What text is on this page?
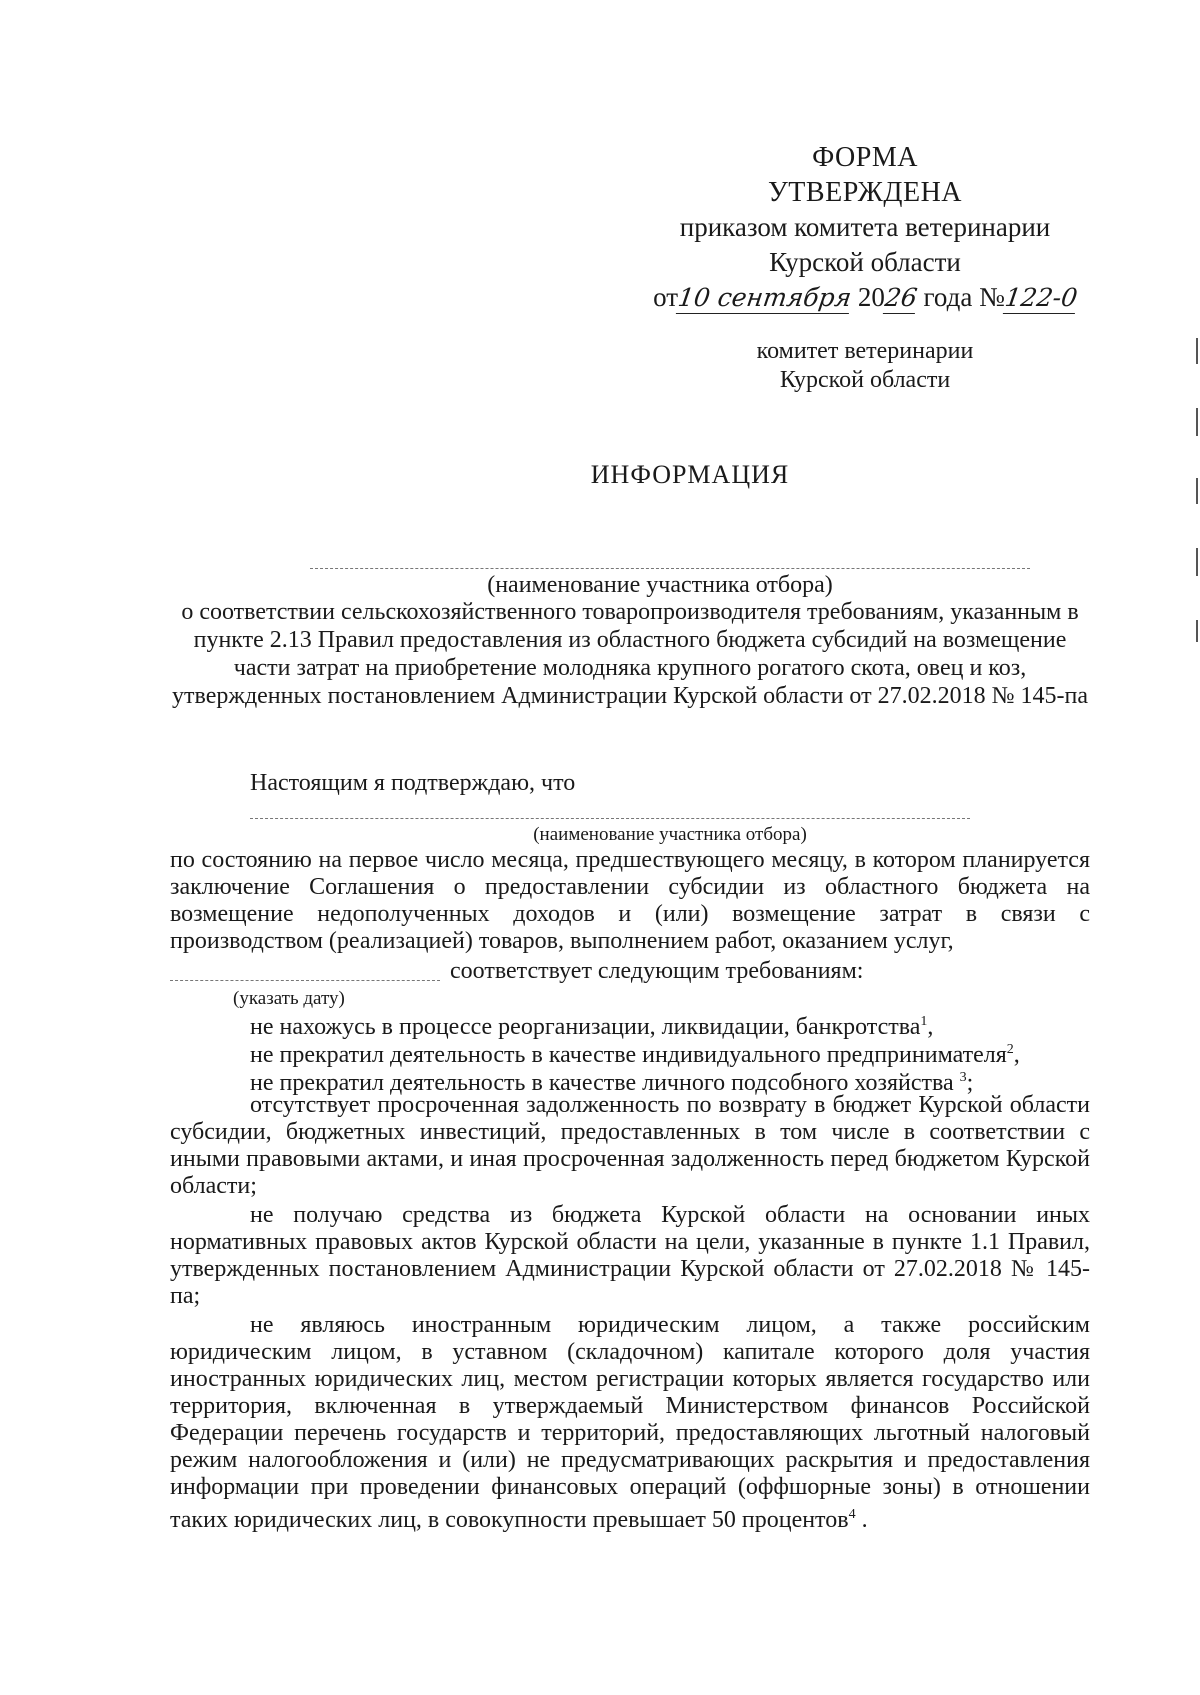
ФОРМА
УТВЕРЖДЕНА
приказом комитета ветеринарии
Курской области
от10 сентября 2026 года №122-0
комитет ветеринарии
Курской области
ИНФОРМАЦИЯ
(наименование участника отбора)
о соответствии сельскохозяйственного товаропроизводителя требованиям, указанным в пункте 2.13 Правил предоставления из областного бюджета субсидий на возмещение части затрат на приобретение молодняка крупного рогатого скота, овец и коз, утвержденных постановлением Администрации Курской области от 27.02.2018 № 145-па
Настоящим я подтверждаю, что
(наименование участника отбора)
по состоянию на первое число месяца, предшествующего месяцу, в котором планируется заключение Соглашения о предоставлении субсидии из областного бюджета на возмещение недополученных доходов и (или) возмещение затрат в связи с производством (реализацией) товаров, выполнением работ, оказанием услуг,
соответствует следующим требованиям:
(указать дату)
не нахожусь в процессе реорганизации, ликвидации, банкротства$^1$,
не прекратил деятельность в качестве индивидуального предпринимателя$^2$,
не прекратил деятельность в качестве личного подсобного хозяйства $^3$;
отсутствует просроченная задолженность по возврату в бюджет Курской области субсидии, бюджетных инвестиций, предоставленных в том числе в соответствии с иными правовыми актами, и иная просроченная задолженность перед бюджетом Курской области;
не получаю средства из бюджета Курской области на основании иных нормативных правовых актов Курской области на цели, указанные в пункте 1.1 Правил, утвержденных постановлением Администрации Курской области от 27.02.2018 № 145-па;
не являюсь иностранным юридическим лицом, а также российским юридическим лицом, в уставном (складочном) капитале которого доля участия иностранных юридических лиц, местом регистрации которых является государство или территория, включенная в утверждаемый Министерством финансов Российской Федерации перечень государств и территорий, предоставляющих льготный налоговый режим налогообложения и (или) не предусматривающих раскрытия и предоставления информации при проведении финансовых операций (оффшорные зоны) в отношении таких юридических лиц, в совокупности превышает 50 процентов$^4$ .
